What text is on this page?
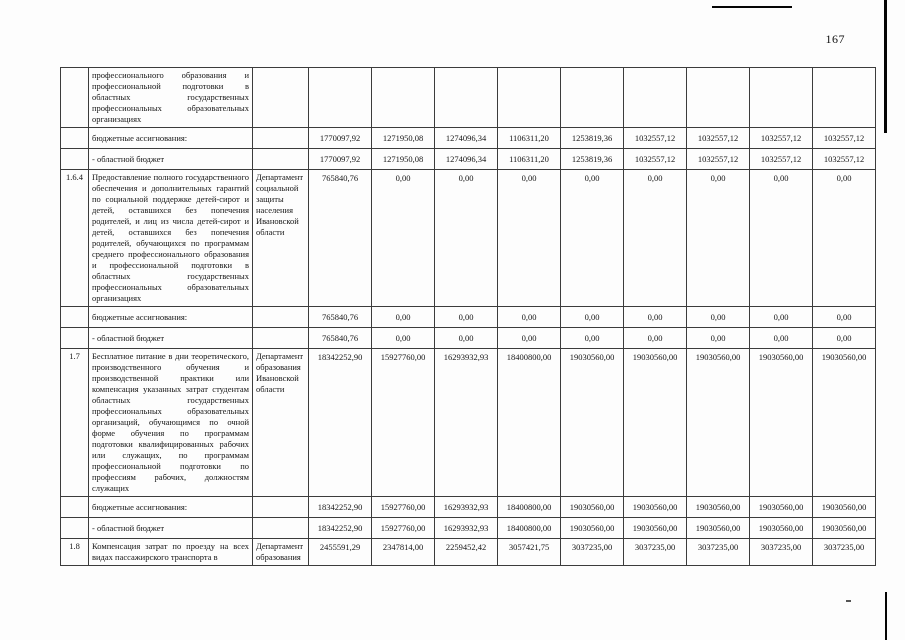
167
	профессионального образования и профессиональной подготовки в областных государственных профессиональных образовательных организациях										
	бюджетные ассигнования:		1770097,92	1271950,08	1274096,34	1106311,20	1253819,36	1032557,12	1032557,12	1032557,12	1032557,12
	- областной бюджет		1770097,92	1271950,08	1274096,34	1106311,20	1253819,36	1032557,12	1032557,12	1032557,12	1032557,12
1.6.4	Предоставление полного государственного обеспечения и дополнительных гарантий по социальной поддержке детей-сирот и детей, оставшихся без попечения родителей, и лиц из числа детей-сирот и детей, оставшихся без попечения родителей, обучающихся по программам среднего профессионального образования и профессиональной подготовки в областных государственных профессиональных образовательных организациях	Департамент социальной защиты населения Ивановской области	765840,76	0,00	0,00	0,00	0,00	0,00	0,00	0,00	0,00
	бюджетные ассигнования:		765840,76	0,00	0,00	0,00	0,00	0,00	0,00	0,00	0,00
	- областной бюджет		765840,76	0,00	0,00	0,00	0,00	0,00	0,00	0,00	0,00
1.7	Бесплатное питание в дни теоретического, производственного обучения и производственной практики или компенсация указанных затрат студентам областных государственных профессиональных образовательных организаций, обучающимся по очной форме обучения по программам подготовки квалифицированных рабочих или служащих, по программам профессиональной подготовки по профессиям рабочих, должностям служащих	Департамент образования Ивановской области	18342252,90	15927760,00	16293932,93	18400800,00	19030560,00	19030560,00	19030560,00	19030560,00	19030560,00
	бюджетные ассигнования:		18342252,90	15927760,00	16293932,93	18400800,00	19030560,00	19030560,00	19030560,00	19030560,00	19030560,00
	- областной бюджет		18342252,90	15927760,00	16293932,93	18400800,00	19030560,00	19030560,00	19030560,00	19030560,00	19030560,00
1.8	Компенсация затрат по проезду на всех видах пассажирского транспорта в	Департамент образования	2455591,29	2347814,00	2259452,42	3057421,75	3037235,00	3037235,00	3037235,00	3037235,00	3037235,00
